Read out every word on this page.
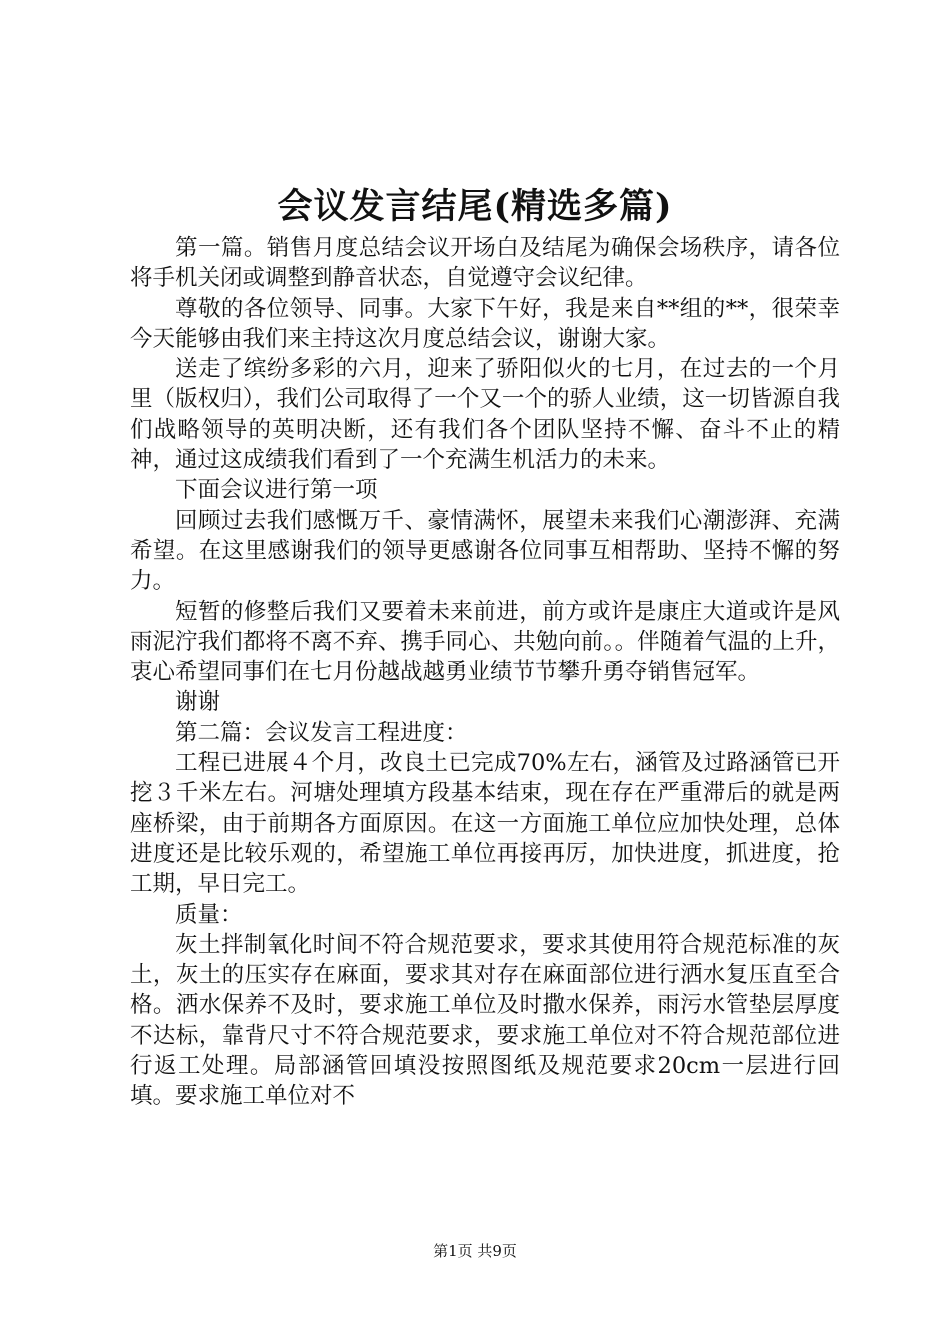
会议发言结尾(精选多篇)

第一篇。销售月度总结会议开场白及结尾为确保会场秩序，请各位将手机关闭或调整到静音状态，自觉遵守会议纪律。

尊敬的各位领导、同事。大家下午好，我是来自**组的**，很荣幸今天能够由我们来主持这次月度总结会议，谢谢大家。

送走了缤纷多彩的六月，迎来了骄阳似火的七月，在过去的一个月里（版权归），我们公司取得了一个又一个的骄人业绩，这一切皆源自我们战略领导的英明决断，还有我们各个团队坚持不懈、奋斗不止的精神，通过这成绩我们看到了一个充满生机活力的未来。

下面会议进行第一项

回顾过去我们感慨万千、豪情满怀，展望未来我们心潮澎湃、充满希望。在这里感谢我们的领导更感谢各位同事互相帮助、坚持不懈的努力。

短暂的修整后我们又要着未来前进，前方或许是康庄大道或许是风雨泥泞我们都将不离不弃、携手同心、共勉向前。。伴随着气温的上升，衷心希望同事们在七月份越战越勇业绩节节攀升勇夺销售冠军。

谢谢

第二篇：会议发言工程进度：

工程已进展４个月，改良土已完成70%左右，涵管及过路涵管已开挖３千米左右。河塘处理填方段基本结束，现在存在严重滞后的就是两座桥梁，由于前期各方面原因。在这一方面施工单位应加快处理，总体进度还是比较乐观的，希望施工单位再接再厉，加快进度，抓进度，抢工期，早日完工。

质量：

灰土拌制氧化时间不符合规范要求，要求其使用符合规范标准的灰土，灰土的压实存在麻面，要求其对存在麻面部位进行洒水复压直至合格。洒水保养不及时，要求施工单位及时撒水保养，雨污水管垫层厚度不达标，靠背尺寸不符合规范要求，要求施工单位对不符合规范部位进行返工处理。局部涵管回填没按照图纸及规范要求20cm一层进行回填。要求施工单位对不

第1页 共9页
